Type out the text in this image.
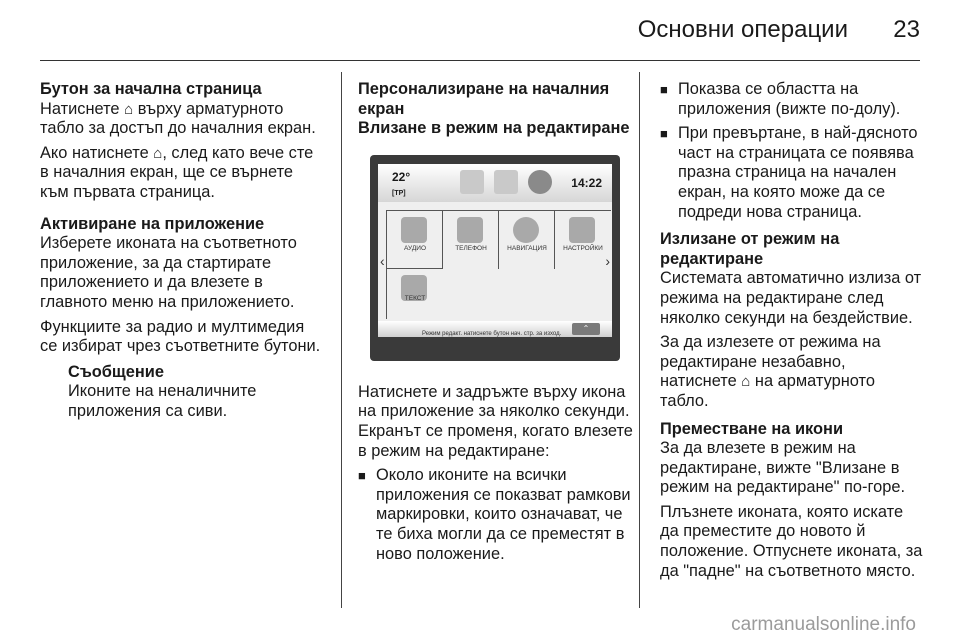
Основни операции 23
Бутон за начална страница
Натиснете ⌂ върху арматурното табло за достъп до началния екран.
Ако натиснете ⌂, след като вече сте в началния екран, ще се върнете към първата страница.
Активиране на приложение
Изберете иконата на съответното приложение, за да стартирате приложението и да влезете в главното меню на приложението.
Функциите за радио и мултимедия се избират чрез съответните бутони.
Съобщение
Иконите на неналичните приложения са сиви.
Персонализиране на началния екран
Влизане в режим на редактиране
22°
[TP]
14:22
АУДИО	ТЕЛЕФОН	НАВИГАЦИЯ	НАСТРОЙКИ
ТЕКСТ
‹	›
Режим редакт. натиснете бутон нач. стр. за изход.
⌃
Натиснете и задръжте върху икона на приложение за няколко секунди. Екранът се променя, когато влезете в режим на редактиране:
■ Около иконите на всички приложения се показват рамкови маркировки, които означават, че те биха могли да се преместят в ново положение.
■ Показва се областта на приложения (вижте по-долу).
■ При превъртане, в най-дясното част на страницата се появява празна страница на начален екран, на която може да се подреди нова страница.
Излизане от режим на редактиране
Системата автоматично излиза от режима на редактиране след няколко секунди на бездействие.
За да излезете от режима на редактиране незабавно, натиснете ⌂ на арматурното табло.
Преместване на икони
За да влезете в режим на редактиране, вижте "Влизане в режим на редактиране" по-горе.
Плъзнете иконата, която искате да преместите до новото й положение. Отпуснете иконата, за да "падне" на съответното място.
carmanualsonline.info
